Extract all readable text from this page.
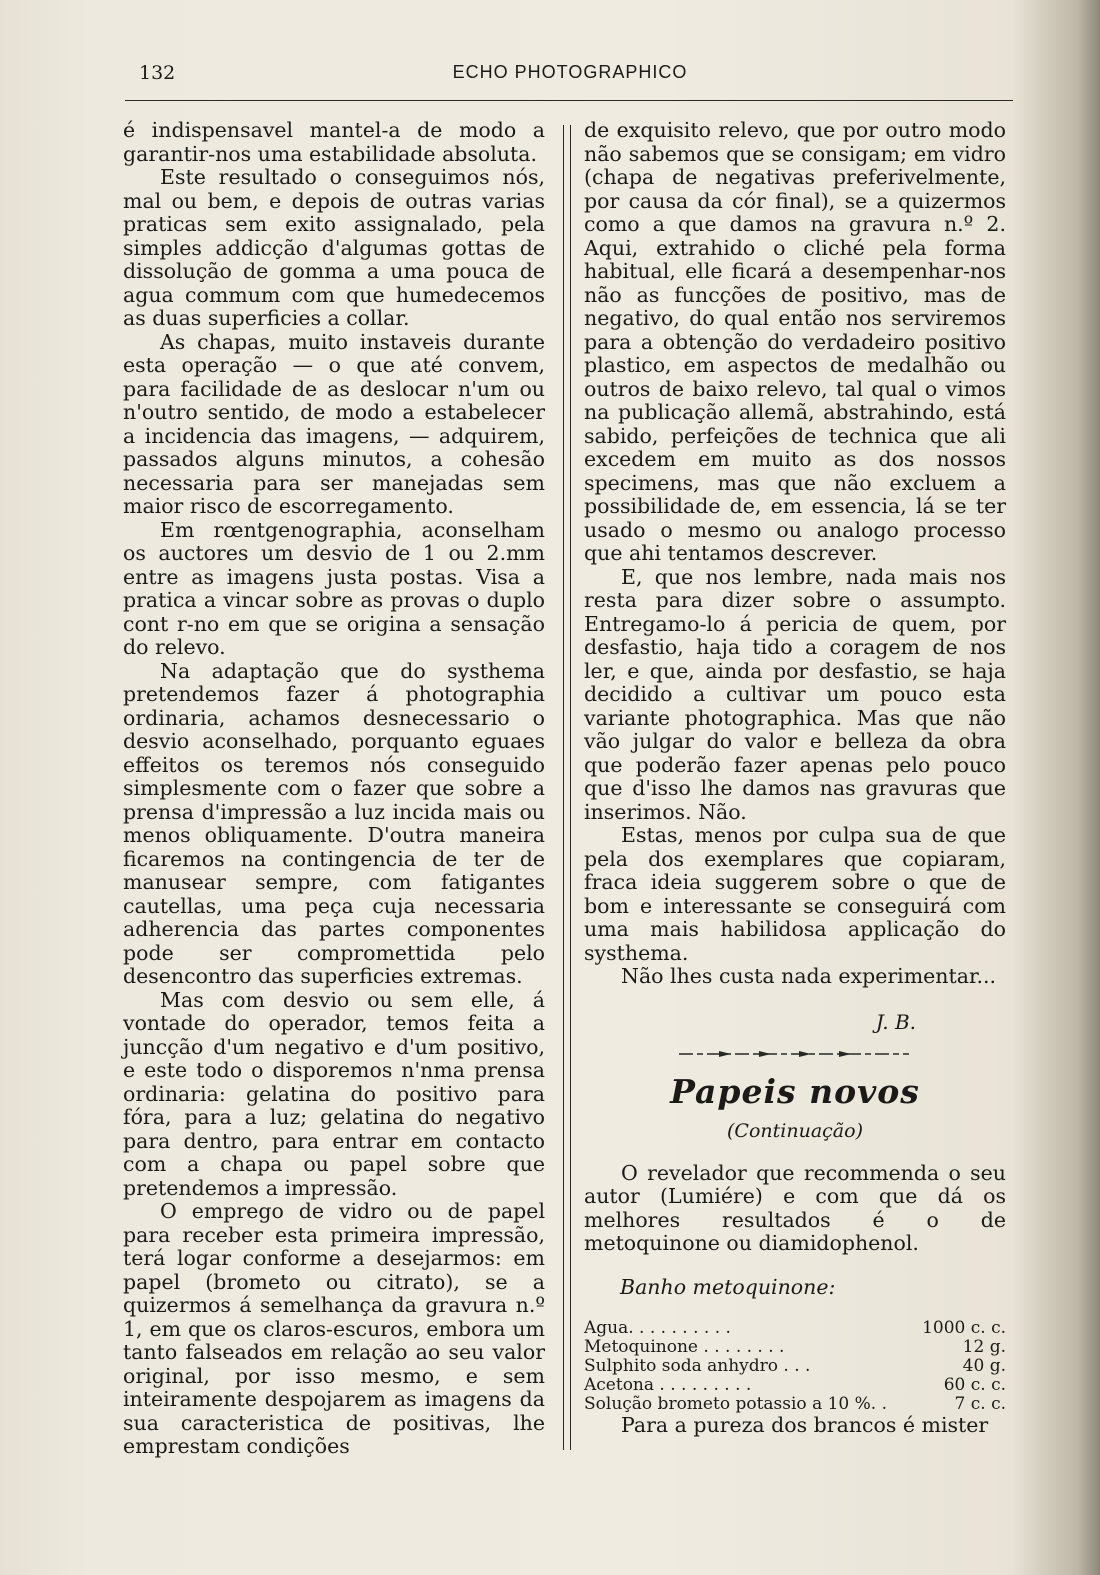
132	ECHO PHOTOGRAPHICO

é indispensavel mantel-a de modo a garantir-nos uma estabilidade absoluta.

Este resultado o conseguimos nós, mal ou bem, e depois de outras varias praticas sem exito assignalado, pela simples addicção d'algumas gottas de dissolução de gomma a uma pouca de agua commum com que humedecemos as duas superficies a collar.

As chapas, muito instaveis durante esta operação — o que até convem, para facilidade de as deslocar n'um ou n'outro sentido, de modo a estabelecer a incidencia das imagens, — adquirem, passados alguns minutos, a cohesão necessaria para ser manejadas sem maior risco de escorregamento.

Em rœntgenographia, aconselham os auctores um desvio de 1 ou 2.mm entre as imagens justa postas. Visa a pratica a vincar sobre as provas o duplo cont r-no em que se origina a sensação do relevo.

Na adaptação que do systhema pretendemos fazer á photographia ordinaria, achamos desnecessario o desvio aconselhado, porquanto eguaes effeitos os teremos nós conseguido simplesmente com o fazer que sobre a prensa d'impressão a luz incida mais ou menos obliquamente. D'outra maneira ficaremos na contingencia de ter de manusear sempre, com fatigantes cautellas, uma peça cuja necessaria adherencia das partes componentes pode ser compromettida pelo desencontro das superficies extremas.

Mas com desvio ou sem elle, á vontade do operador, temos feita a juncção d'um negativo e d'um positivo, e este todo o disporemos n'nma prensa ordinaria: gelatina do positivo para fóra, para a luz; gelatina do negativo para dentro, para entrar em contacto com a chapa ou papel sobre que pretendemos a impressão.

O emprego de vidro ou de papel para receber esta primeira impressão, terá logar conforme a desejarmos: em papel (brometo ou citrato), se a quizermos á semelhança da gravura n.º 1, em que os claros-escuros, embora um tanto falseados em relação ao seu valor original, por isso mesmo, e sem inteiramente despojarem as imagens da sua caracteristica de positivas, lhe emprestam condições

de exquisito relevo, que por outro modo não sabemos que se consigam; em vidro (chapa de negativas preferivelmente, por causa da cór final), se a quizermos como a que damos na gravura n.º 2. Aqui, extrahido o cliché pela forma habitual, elle ficará a desempenhar-nos não as funcções de positivo, mas de negativo, do qual então nos serviremos para a obtenção do verdadeiro positivo plastico, em aspectos de medalhão ou outros de baixo relevo, tal qual o vimos na publicação allemã, abstrahindo, está sabido, perfeições de technica que ali excedem em muito as dos nossos specimens, mas que não excluem a possibilidade de, em essencia, lá se ter usado o mesmo ou analogo processo que ahi tentamos descrever.

E, que nos lembre, nada mais nos resta para dizer sobre o assumpto. Entregamo-lo á pericia de quem, por desfastio, haja tido a coragem de nos ler, e que, ainda por desfastio, se haja decidido a cultivar um pouco esta variante photographica. Mas que não vão julgar do valor e belleza da obra que poderão fazer apenas pelo pouco que d'isso lhe damos nas gravuras que inserimos. Não.

Estas, menos por culpa sua de que pela dos exemplares que copiaram, fraca ideia suggerem sobre o que de bom e interessante se conseguirá com uma mais habilidosa applicação do systhema.

Não lhes custa nada experimentar...

J. B.
Papeis novos
(Continuação)

O revelador que recommenda o seu autor (Lumiére) e com que dá os melhores resultados é o de metoquinone ou diamidophenol.

Banho metoquinone:
Agua. . . . . . . . . .	1000 c. c.
Metoquinone . . . . . . . .	12 g.
Sulphito soda anhydro . . .	40 g.
Acetona . . . . . . . . .	60 c. c.
Solução brometo potassio a 10 %. .	7 c. c.

Para a pureza dos brancos é mister
